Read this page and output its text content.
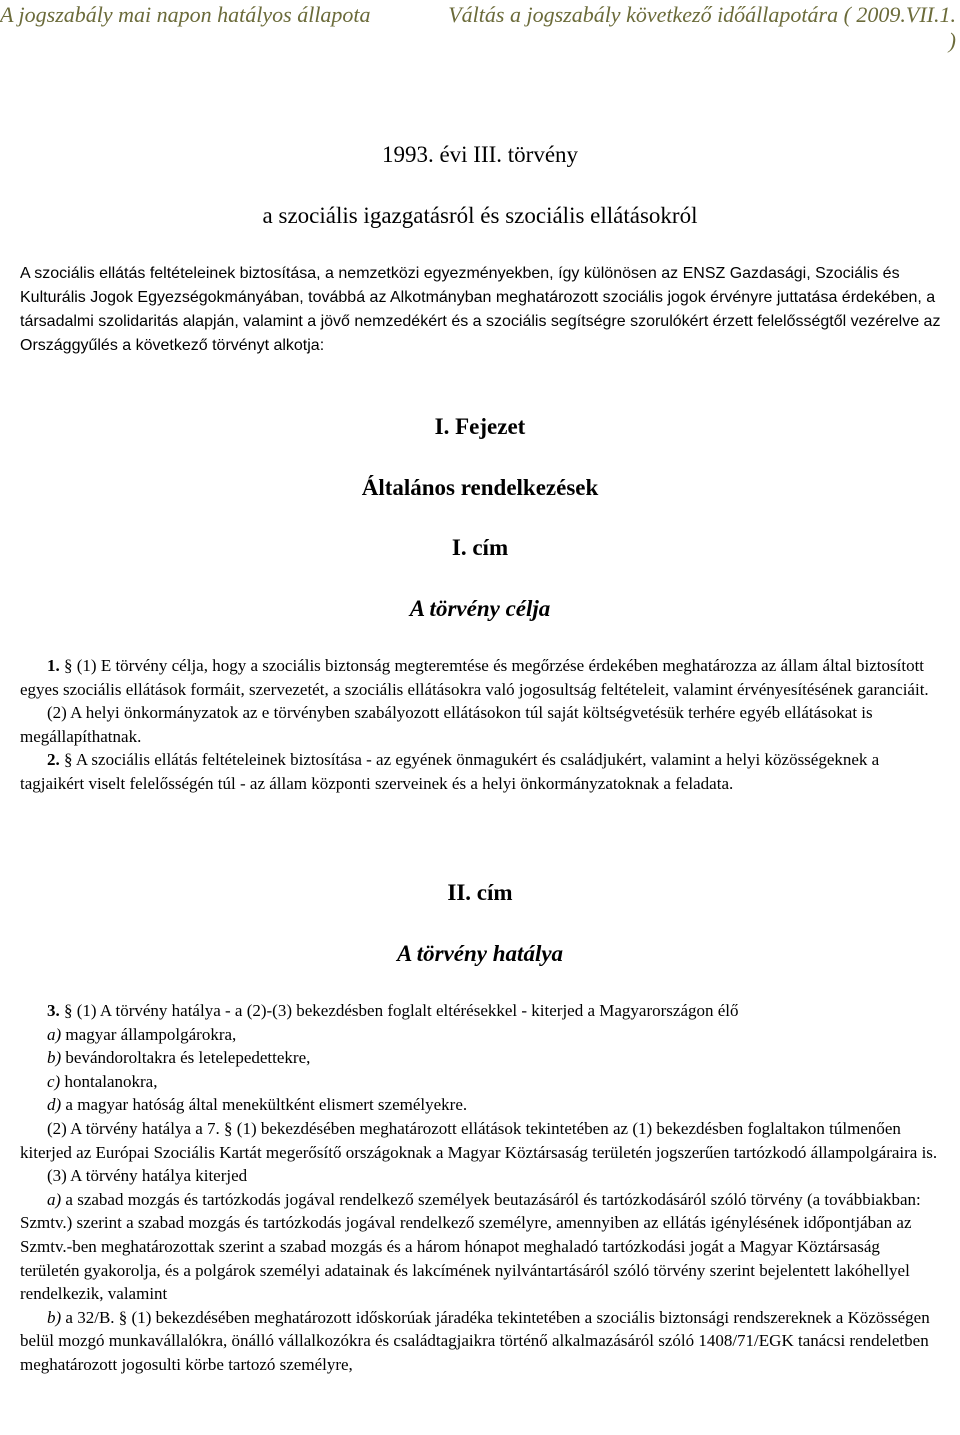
A jogszabály mai napon hatályos állapota	Váltás a jogszabály következő időállapotára ( 2009.VII.1. )
1993. évi III. törvény
a szociális igazgatásról és szociális ellátásokról
A szociális ellátás feltételeinek biztosítása, a nemzetközi egyezményekben, így különösen az ENSZ Gazdasági, Szociális és Kulturális Jogok Egyezségokmányában, továbbá az Alkotmányban meghatározott szociális jogok érvényre juttatása érdekében, a társadalmi szolidaritás alapján, valamint a jövő nemzedékért és a szociális segítségre szorulókért érzett felelősségtől vezérelve az Országgyűlés a következő törvényt alkotja:
I. Fejezet
Általános rendelkezések
I. cím
A törvény célja

1. § (1) E törvény célja, hogy a szociális biztonság megteremtése és megőrzése érdekében meghatározza az állam által biztosított egyes szociális ellátások formáit, szervezetét, a szociális ellátásokra való jogosultság feltételeit, valamint érvényesítésének garanciáit.

(2) A helyi önkormányzatok az e törvényben szabályozott ellátásokon túl saját költségvetésük terhére egyéb ellátásokat is megállapíthatnak.

2. § A szociális ellátás feltételeinek biztosítása - az egyének önmagukért és családjukért, valamint a helyi közösségeknek a tagjaikért viselt felelősségén túl - az állam központi szerveinek és a helyi önkormányzatoknak a feladata.

II. cím
A törvény hatálya

3. § (1) A törvény hatálya - a (2)-(3) bekezdésben foglalt eltérésekkel - kiterjed a Magyarországon élő

a) magyar állampolgárokra,

b) bevándoroltakra és letelepedettekre,

c) hontalanokra,

d) a magyar hatóság által menekültként elismert személyekre.

(2) A törvény hatálya a 7. § (1) bekezdésében meghatározott ellátások tekintetében az (1) bekezdésben foglaltakon túlmenően kiterjed az Európai Szociális Kartát megerősítő országoknak a Magyar Köztársaság területén jogszerűen tartózkodó állampolgáraira is.

(3) A törvény hatálya kiterjed

a) a szabad mozgás és tartózkodás jogával rendelkező személyek beutazásáról és tartózkodásáról szóló törvény (a továbbiakban: Szmtv.) szerint a szabad mozgás és tartózkodás jogával rendelkező személyre, amennyiben az ellátás igénylésének időpontjában az Szmtv.-ben meghatározottak szerint a szabad mozgás és a három hónapot meghaladó tartózkodási jogát a Magyar Köztársaság területén gyakorolja, és a polgárok személyi adatainak és lakcímének nyilvántartásáról szóló törvény szerint bejelentett lakóhellyel rendelkezik, valamint

b) a 32/B. § (1) bekezdésében meghatározott időskorúak járadéka tekintetében a szociális biztonsági rendszereknek a Közösségen belül mozgó munkavállalókra, önálló vállalkozókra és családtagjaikra történő alkalmazásáról szóló 1408/71/EGK tanácsi rendeletben meghatározott jogosulti körbe tartozó személyre,
